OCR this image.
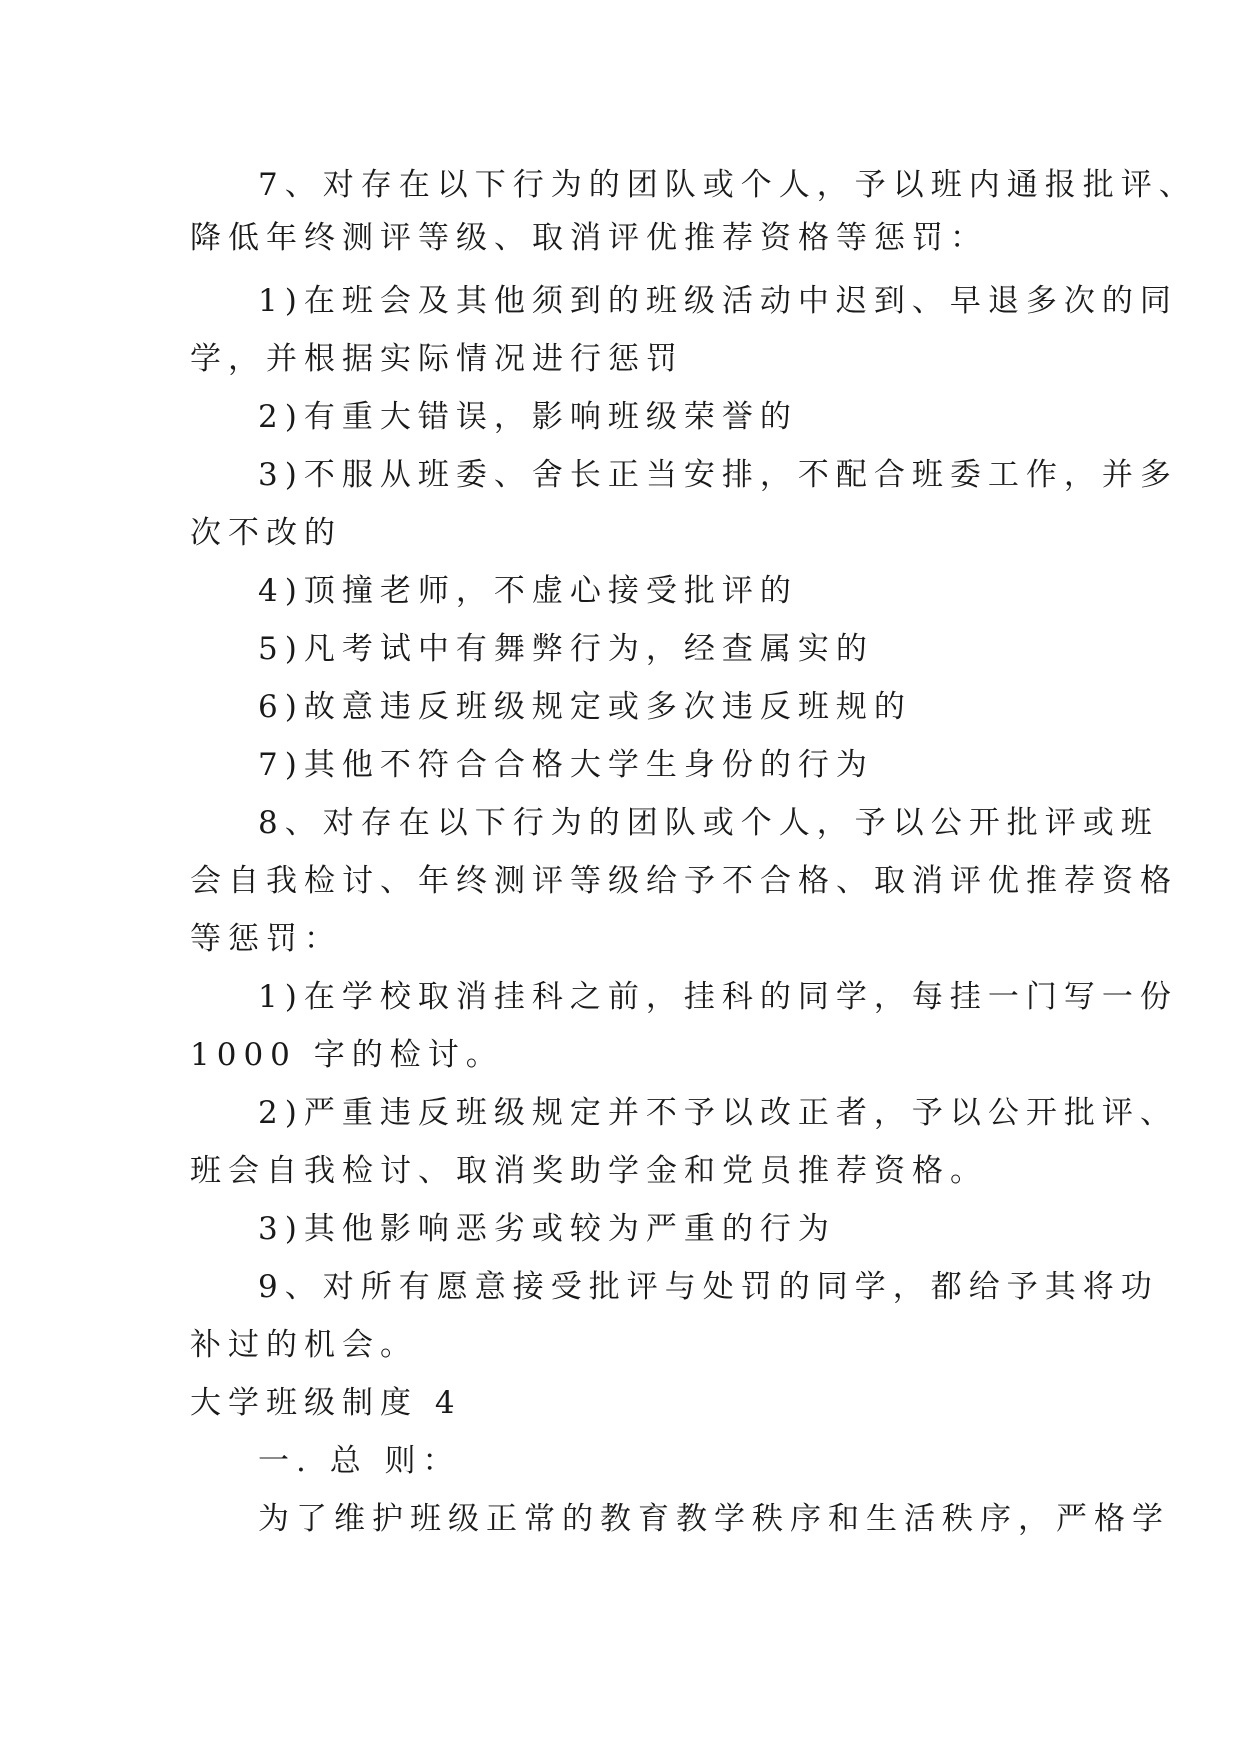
7、对存在以下行为的团队或个人，予以班内通报批评、
降低年终测评等级、取消评优推荐资格等惩罚：
1)在班会及其他须到的班级活动中迟到、早退多次的同
学，并根据实际情况进行惩罚
2)有重大错误，影响班级荣誉的
3)不服从班委、舍长正当安排，不配合班委工作，并多
次不改的
4)顶撞老师，不虚心接受批评的
5)凡考试中有舞弊行为，经查属实的
6)故意违反班级规定或多次违反班规的
7)其他不符合合格大学生身份的行为
8、对存在以下行为的团队或个人，予以公开批评或班
会自我检讨、年终测评等级给予不合格、取消评优推荐资格
等惩罚：
1)在学校取消挂科之前，挂科的同学，每挂一门写一份
1000 字的检讨。
2)严重违反班级规定并不予以改正者，予以公开批评、
班会自我检讨、取消奖助学金和党员推荐资格。
3)其他影响恶劣或较为严重的行为
9、对所有愿意接受批评与处罚的同学，都给予其将功
补过的机会。
大学班级制度 4
一. 总 则：
为了维护班级正常的教育教学秩序和生活秩序，严格学
